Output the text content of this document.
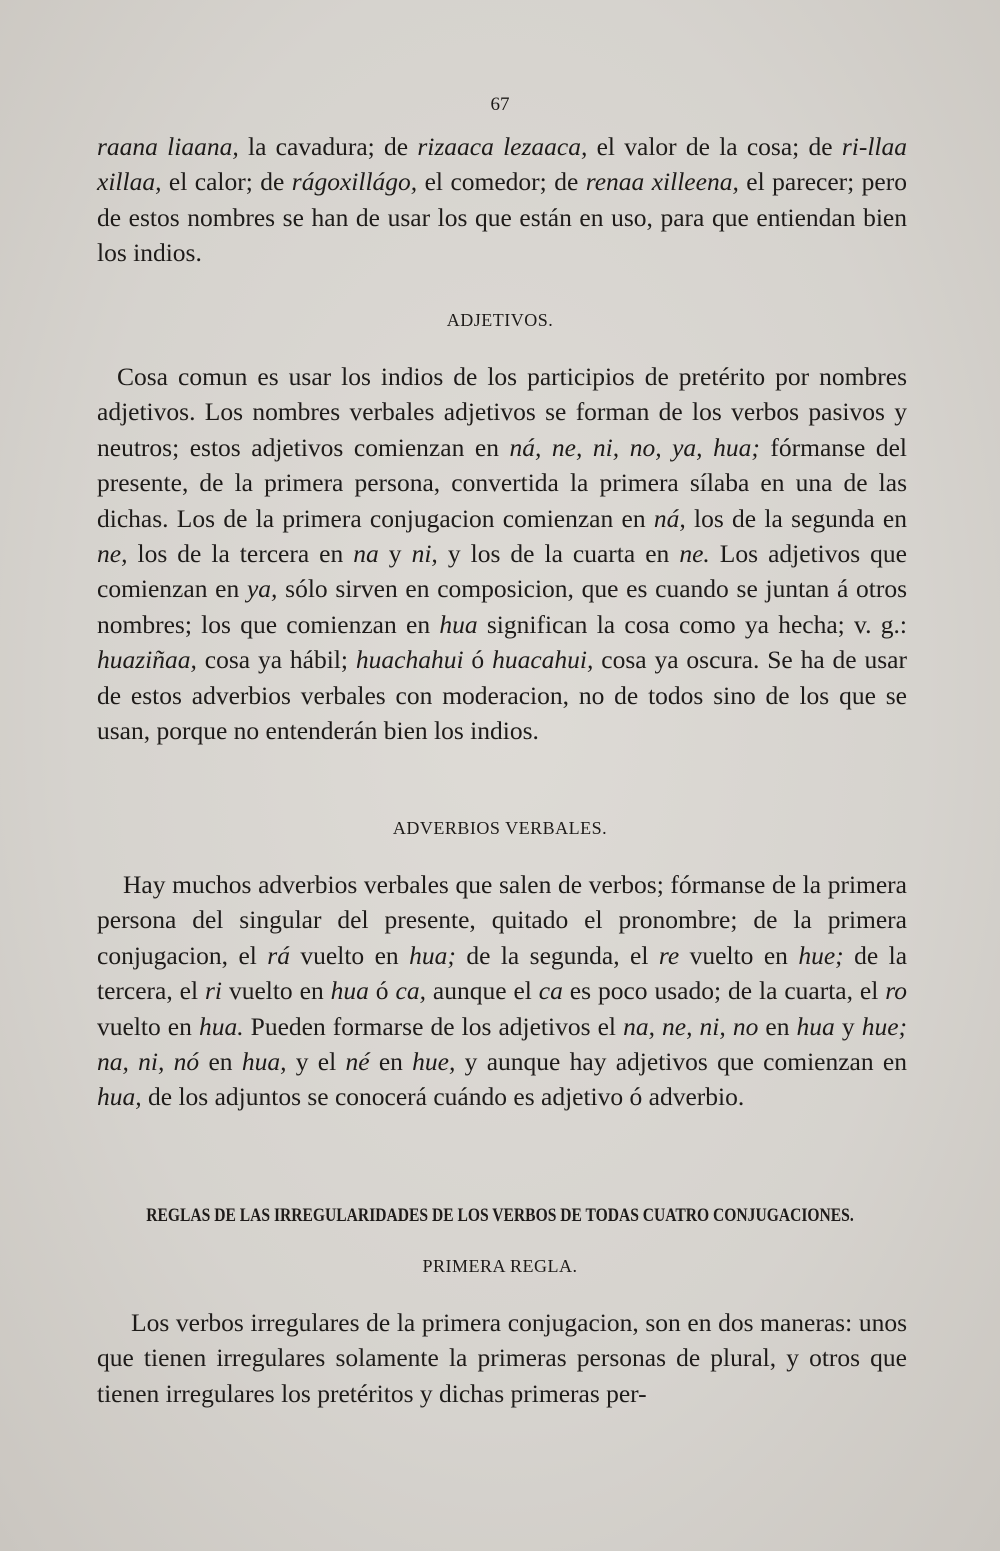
67
raana liaana, la cavadura; de rizaaca lezaaca, el valor de la cosa; de ri-llaa xillaa, el calor; de rágoxillágo, el comedor; de renaa xilleena, el parecer; pero de estos nombres se han de usar los que están en uso, para que entiendan bien los indios.
ADJETIVOS.
Cosa comun es usar los indios de los participios de pretérito por nombres adjetivos. Los nombres verbales adjetivos se forman de los verbos pasivos y neutros; estos adjetivos comienzan en ná, ne, ni, no, ya, hua; fórmanse del presente, de la primera persona, convertida la primera sílaba en una de las dichas. Los de la primera conjugacion comienzan en ná, los de la segunda en ne, los de la tercera en na y ni, y los de la cuarta en ne. Los adjetivos que comienzan en ya, sólo sirven en composicion, que es cuando se juntan á otros nombres; los que comienzan en hua significan la cosa como ya hecha; v. g.: huaziñaa, cosa ya hábil; huachahui ó huacahui, cosa ya oscura. Se ha de usar de estos adverbios verbales con moderacion, no de todos sino de los que se usan, porque no entenderán bien los indios.
ADVERBIOS VERBALES.
Hay muchos adverbios verbales que salen de verbos; fórmanse de la primera persona del singular del presente, quitado el pronombre; de la primera conjugacion, el rá vuelto en hua; de la segunda, el re vuelto en hue; de la tercera, el ri vuelto en hua ó ca, aunque el ca es poco usado; de la cuarta, el ro vuelto en hua. Pueden formarse de los adjetivos el na, ne, ni, no en hua y hue; na, ni, nó en hua, y el né en hue, y aunque hay adjetivos que comienzan en hua, de los adjuntos se conocerá cuándo es adjetivo ó adverbio.
REGLAS DE LAS IRREGULARIDADES DE LOS VERBOS DE TODAS CUATRO CONJUGACIONES.
PRIMERA REGLA.
Los verbos irregulares de la primera conjugacion, son en dos maneras: unos que tienen irregulares solamente la primeras personas de plural, y otros que tienen irregulares los pretéritos y dichas primeras per-
